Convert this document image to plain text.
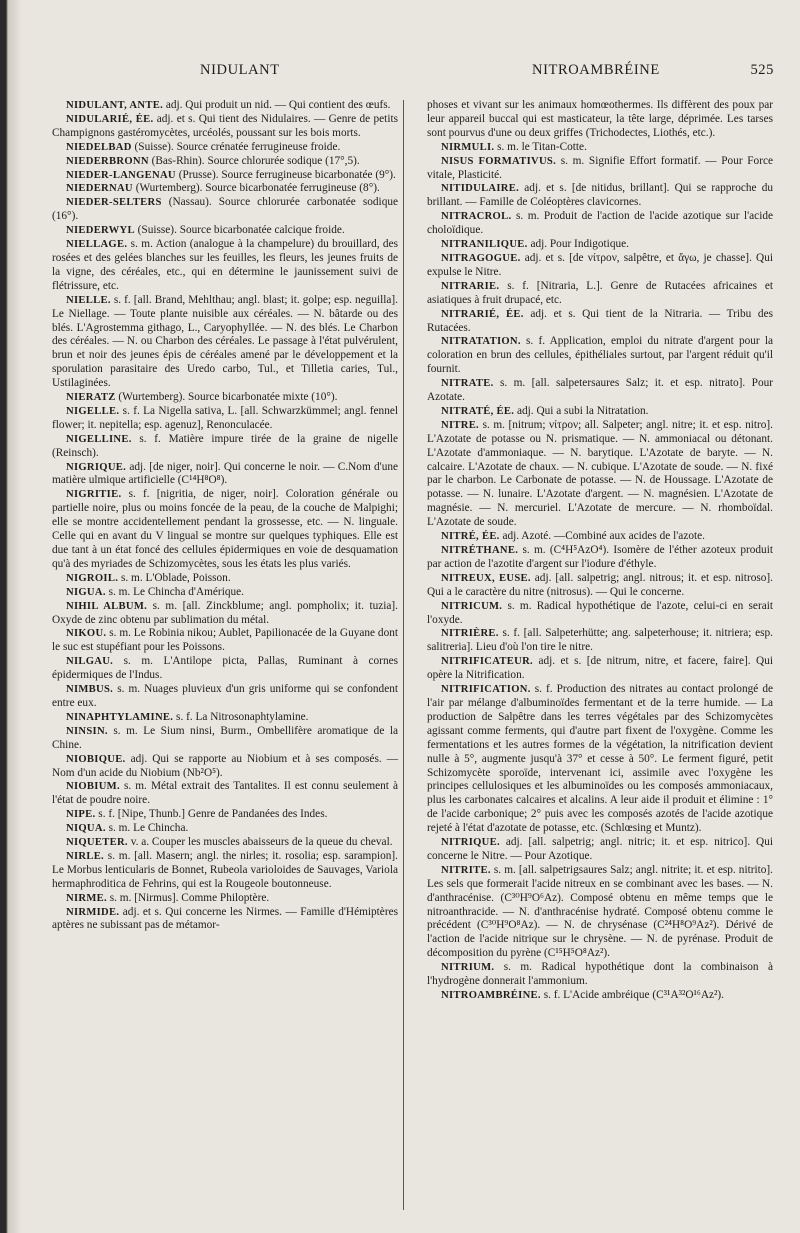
NIDULANT	NITROAMBRÉINE	525

NIDULANT, ANTE. adj. Qui produit un nid. — Qui contient des œufs.

NIDULARIÉ, ÉE. adj. et s. Qui tient des Nidulaires. — Genre de petits Champignons gastéromycètes, urcéolés, poussant sur les bois morts.

NIEDELBAD (Suisse). Source crénatée ferrugineuse froide.

NIEDERBRONN (Bas-Rhin). Source chlorurée sodique (17°,5).

NIEDER-LANGENAU (Prusse). Source ferrugineuse bicarbonatée (9°).

NIEDERNAU (Wurtemberg). Source bicarbonatée ferrugineuse (8°).

NIEDER-SELTERS (Nassau). Source chlorurée carbonatée sodique (16°).

NIEDERWYL (Suisse). Source bicarbonatée calcique froide.

NIELLAGE. s. m. Action (analogue à la champelure) du brouillard, des rosées et des gelées blanches sur les feuilles, les fleurs, les jeunes fruits de la vigne, des céréales, etc., qui en détermine le jaunissement suivi de flétrissure, etc.

NIELLE. s. f. [all. Brand, Mehlthau; angl. blast; it. golpe; esp. neguilla]. Le Niellage. — Toute plante nuisible aux céréales. — N. bâtarde ou des blés. L'Agrostemma githago, L., Caryophyllée. — N. des blés. Le Charbon des céréales. — N. ou Charbon des céréales. Le passage à l'état pulvérulent, brun et noir des jeunes épis de céréales amené par le développement et la sporulation parasitaire des Uredo carbo, Tul., et Tilletia caries, Tul., Ustilaginées.

NIERATZ (Wurtemberg). Source bicarbonatée mixte (10°).

NIGELLE. s. f. La Nigella sativa, L. [all. Schwarzkümmel; angl. fennel flower; it. nepitella; esp. agenuz], Renonculacée.

NIGELLINE. s. f. Matière impure tirée de la graine de nigelle (Reinsch).

NIGRIQUE. adj. [de niger, noir]. Qui concerne le noir. — C.Nom d'une matière ulmique artificielle (C¹⁴H⁸O⁸).

NIGRITIE. s. f. [nigritia, de niger, noir]. Coloration générale ou partielle noire, plus ou moins foncée de la peau, de la couche de Malpighi; elle se montre accidentellement pendant la grossesse, etc. — N. linguale. Celle qui en avant du V lingual se montre sur quelques typhiques. Elle est due tant à un état foncé des cellules épidermiques en voie de desquamation qu'à des myriades de Schizomycètes, sous les états les plus variés.

NIGROIL. s. m. L'Oblade, Poisson.

NIGUA. s. m. Le Chincha d'Amérique.

NIHIL ALBUM. s. m. [all. Zinckblume; angl. pompholix; it. tuzia]. Oxyde de zinc obtenu par sublimation du métal.

NIKOU. s. m. Le Robinia nikou; Aublet, Papilionacée de la Guyane dont le suc est stupéfiant pour les Poissons.

NILGAU. s. m. L'Antilope picta, Pallas, Ruminant à cornes épidermiques de l'Indus.

NIMBUS. s. m. Nuages pluvieux d'un gris uniforme qui se confondent entre eux.

NINAPHTYLAMINE. s. f. La Nitrosonaphtylamine.

NINSIN. s. m. Le Sium ninsi, Burm., Ombellifère aromatique de la Chine.

NIOBIQUE. adj. Qui se rapporte au Niobium et à ses composés. — Nom d'un acide du Niobium (Nb²O⁵).

NIOBIUM. s. m. Métal extrait des Tantalites. Il est connu seulement à l'état de poudre noire.

NIPE. s. f. [Nipe, Thunb.] Genre de Pandanées des Indes.

NIQUA. s. m. Le Chincha.

NIQUETER. v. a. Couper les muscles abaisseurs de la queue du cheval.

NIRLE. s. m. [all. Masern; angl. the nirles; it. rosolia; esp. sarampion]. Le Morbus lenticularis de Bonnet, Rubeola varioloides de Sauvages, Variola hermaphroditica de Fehrins, qui est la Rougeole boutonneuse.

NIRME. s. m. [Nirmus]. Comme Philoptère.

NIRMIDE. adj. et s. Qui concerne les Nirmes. — Famille d'Hémiptères aptères ne subissant pas de métamor-

phoses et vivant sur les animaux homœothermes. Ils diffèrent des poux par leur appareil buccal qui est masticateur, la tête large, déprimée. Les tarses sont pourvus d'une ou deux griffes (Trichodectes, Liothés, etc.).

NIRMULI. s. m. le Titan-Cotte.

NISUS FORMATIVUS. s. m. Signifie Effort formatif. — Pour Force vitale, Plasticité.

NITIDULAIRE. adj. et s. [de nitidus, brillant]. Qui se rapproche du brillant. — Famille de Coléoptères clavicornes.

NITRACROL. s. m. Produit de l'action de l'acide azotique sur l'acide choloïdique.

NITRANILIQUE. adj. Pour Indigotique.

NITRAGOGUE. adj. et s. [de νίτρον, salpêtre, et ἄγω, je chasse]. Qui expulse le Nitre.

NITRARIE. s. f. [Nitraria, L.]. Genre de Rutacées africaines et asiatiques à fruit drupacé, etc.

NITRARIÉ, ÉE. adj. et s. Qui tient de la Nitraria. — Tribu des Rutacées.

NITRATATION. s. f. Application, emploi du nitrate d'argent pour la coloration en brun des cellules, épithéliales surtout, par l'argent réduit qu'il fournit.

NITRATE. s. m. [all. salpetersaures Salz; it. et esp. nitrato]. Pour Azotate.

NITRATÉ, ÉE. adj. Qui a subi la Nitratation.

NITRE. s. m. [nitrum; νίτρον; all. Salpeter; angl. nitre; it. et esp. nitro]. L'Azotate de potasse ou N. prismatique. — N. ammoniacal ou détonant. L'Azotate d'ammoniaque. — N. barytique. L'Azotate de baryte. — N. calcaire. L'Azotate de chaux. — N. cubique. L'Azotate de soude. — N. fixé par le charbon. Le Carbonate de potasse. — N. de Houssage. L'Azotate de potasse. — N. lunaire. L'Azotate d'argent. — N. magnésien. L'Azotate de magnésie. — N. mercuriel. L'Azotate de mercure. — N. rhomboïdal. L'Azotate de soude.

NITRÉ, ÉE. adj. Azoté. —Combiné aux acides de l'azote.

NITRÉTHANE. s. m. (C⁴H⁵AzO⁴). Isomère de l'éther azoteux produit par action de l'azotite d'argent sur l'iodure d'éthyle.

NITREUX, EUSE. adj. [all. salpetrig; angl. nitrous; it. et esp. nitroso]. Qui a le caractère du nitre (nitrosus). — Qui le concerne.

NITRICUM. s. m. Radical hypothétique de l'azote, celui-ci en serait l'oxyde.

NITRIÈRE. s. f. [all. Salpeterhütte; ang. salpeterhouse; it. nitriera; esp. salitreria]. Lieu d'où l'on tire le nitre.

NITRIFICATEUR. adj. et s. [de nitrum, nitre, et facere, faire]. Qui opère la Nitrification.

NITRIFICATION. s. f. Production des nitrates au contact prolongé de l'air par mélange d'albuminoïdes fermentant et de la terre humide. — La production de Salpêtre dans les terres végétales par des Schizomycètes agissant comme ferments, qui d'autre part fixent de l'oxygène. Comme les fermentations et les autres formes de la végétation, la nitrification devient nulle à 5°, augmente jusqu'à 37° et cesse à 50°. Le ferment figuré, petit Schizomycète sporoïde, intervenant ici, assimile avec l'oxygène les principes cellulosiques et les albuminoïdes ou les composés ammoniacaux, plus les carbonates calcaires et alcalins. A leur aide il produit et élimine : 1° de l'acide carbonique; 2° puis avec les composés azotés de l'acide azotique rejeté à l'état d'azotate de potasse, etc. (Schlœsing et Muntz).

NITRIQUE. adj. [all. salpetrig; angl. nitric; it. et esp. nitrico]. Qui concerne le Nitre. — Pour Azotique.

NITRITE. s. m. [all. salpetrigsaures Salz; angl. nitrite; it. et esp. nitrito]. Les sels que formerait l'acide nitreux en se combinant avec les bases. — N. d'anthracénise. (C³⁰H⁹O⁶Az). Composé obtenu en même temps que le nitroanthracide. — N. d'anthracénise hydraté. Composé obtenu comme le précédent (C³⁰H⁹O⁸Az). — N. de chrysénase (C²⁴H⁸O⁹Az²). Dérivé de l'action de l'acide nitrique sur le chrysène. — N. de pyrénase. Produit de décomposition du pyrène (C¹⁵H⁵O⁸Az²).

NITRIUM. s. m. Radical hypothétique dont la combinaison à l'hydrogène donnerait l'ammonium.

NITROAMBRÉINE. s. f. L'Acide ambréique (C³¹A³²O¹⁶Az²).
